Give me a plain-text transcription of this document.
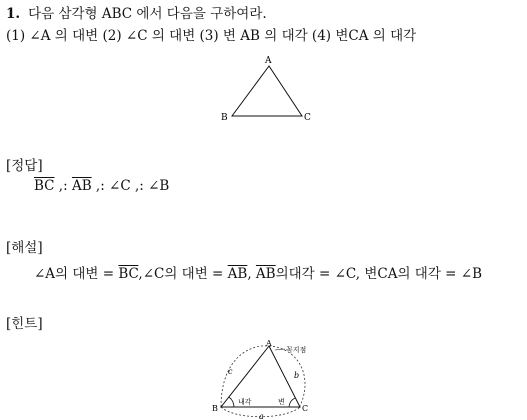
1. 다음 삼각형 ABC 에서 다음을 구하여라.
(1) ∠A 의 대변 (2) ∠C 의 대변 (3) 변 AB 의 대각 (4) 변CA 의 대각
A
B	C
[정답]
$\overline{BC}$ ,: $\overline{AB}$ ,: ∠C ,: ∠B
[해설]
∠A의 대변 = $\overline{BC},\angle C$의 대변 = $\overline{AB}$, $\overline{AB}$의대각 = ∠C, 변CA의 대각 = ∠B
[힌트]
A
B	C
꼭지점
내각	변
b
c
a
